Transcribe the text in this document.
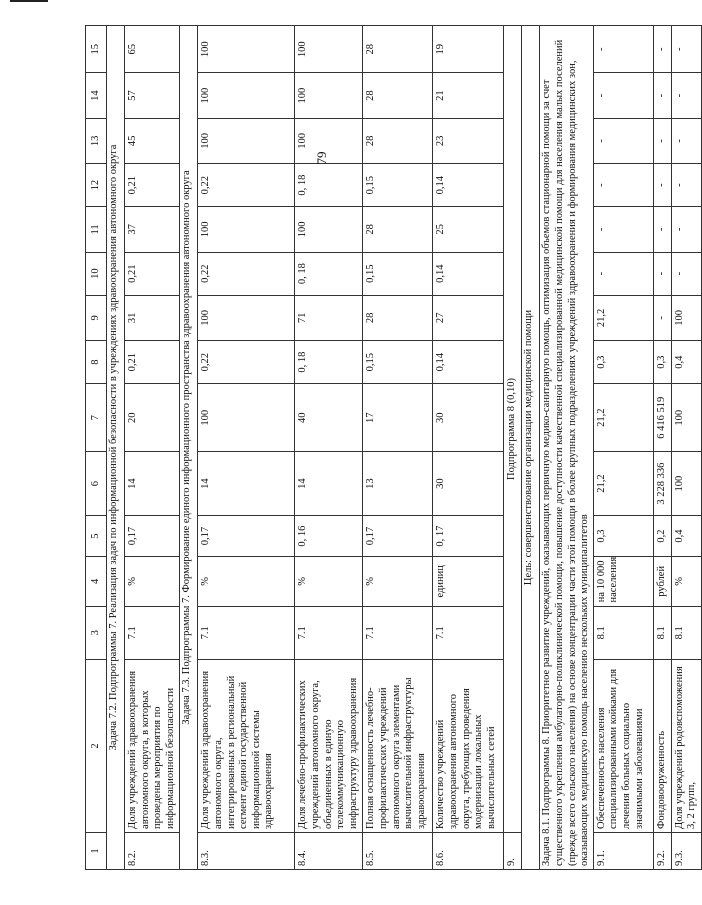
1	2	3	4	5	6	7	8	9	10	11	12	13	14	15
Задача 7.2. Подпрограммы 7. Реализация задач по информационной безопасности в учреждениях здравоохранения автономного округа														
8.2.	Доля учреждений здравоохранения автономного округа, в которых проведены мероприятия по информационной безопасности	7.1	%	0,17	14	20	0,21	31	0,21	37	0,21	45	57	65
Задача 7.3. Подпрограммы 7. Формирование единого информационного пространства здравоохранения автономного округа														
8.3.	Доля учреждений здравоохранения автономного округа, интегрированных в региональный сегмент единой государственной информационной системы здравоохранения	7.1	%	0,17	14	100	0,22	100	0,22	100	0,22	100	100	100
8.4.	Доля лечебно-профилактических учреждений автономного округа, объединенных в единую телекоммуникационную инфраструктуру здравоохранения	7.1	%	0, 16	14	40	0, 18	71	0, 18	100	0, 18	100	100	100
8.5.	Полная оснащенность лечебно-профилактических учреждений автономного округа элементами вычислительной инфраструктуры здравоохранения	7.1	%	0,17	13	17	0,15	28	0,15	28	0,15	28	28	28
8.6.	Количество учреждений здравоохранения автономного округа, требующих проведения модернизации локальных вычислительных сетей	7.1	единиц	0, 17	30	30	0,14	27	0,14	25	0,14	23	21	19
9.	Подпрограмма 8 (0,10)													

Цель: совершенствование организации медицинской помощи														
Задача 8.1. Подпрограммы 8. Приоритетное развитие учреждений, оказывающих первичную медико-санитарную помощь, оптимизация объемов стационарной помощи за счет существенного укрепления амбулаторно-поликлинической помощи, повышение доступности качественной специализированной медицинской помощи для населения малых поселений (прежде всего сельского населения) на основе концентрации части этой помощи в более крупных подразделениях учреждений здравоохранения и формирования медицинских зон, оказывающих медицинскую помощь населению нескольких муниципалитетов														
9.1.	Обеспеченность населения специализированными койками для лечения больных социально значимыми заболеваниями	8.1	на 10 000 населения	0,3	21,2	21,2	0,3	21,2	-	-	-	-	-	-
9.2.	Фондовооруженность	8.1	рублей	0,2	3 228 336	6 416 519	0,3	-	-	-	-	-	-	-
9.3.	Доля учреждений родовспоможения 3, 2 групп,	8.1	%	0,4	100	100	0,4	100	-	-	-	-	-	-
79
